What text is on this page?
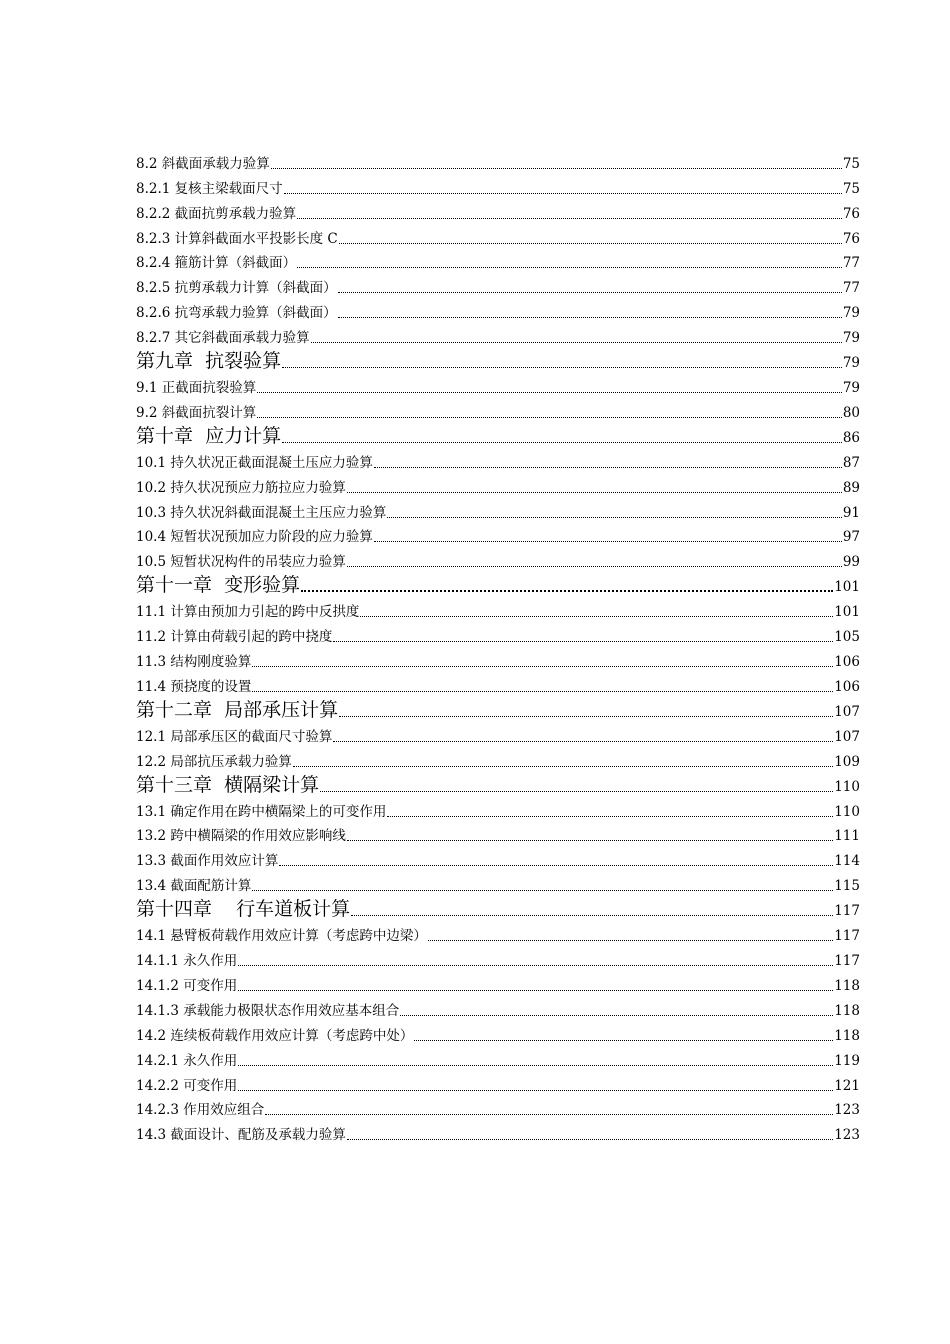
8.2 斜截面承载力验算	75
8.2.1 复核主梁载面尺寸	75
8.2.2 截面抗剪承载力验算	76
8.2.3 计算斜截面水平投影长度 C	76
8.2.4 箍筋计算（斜截面）	77
8.2.5 抗剪承载力计算（斜截面）	77
8.2.6 抗弯承载力验算（斜截面）	79
8.2.7 其它斜截面承载力验算	79
第九章  抗裂验算	79
9.1 正截面抗裂验算	79
9.2 斜截面抗裂计算	80
第十章  应力计算	86
10.1 持久状况正截面混凝土压应力验算	87
10.2 持久状况预应力筋拉应力验算	89
10.3 持久状况斜截面混凝土主压应力验算	91
10.4 短暂状况预加应力阶段的应力验算	97
10.5 短暂状况构件的吊装应力验算	99
第十一章  变形验算	101
11.1 计算由预加力引起的跨中反拱度	101
11.2 计算由荷载引起的跨中挠度	105
11.3 结构刚度验算	106
11.4 预挠度的设置	106
第十二章  局部承压计算	107
12.1 局部承压区的截面尺寸验算	107
12.2 局部抗压承载力验算	109
第十三章  横隔梁计算	110
13.1 确定作用在跨中横隔梁上的可变作用	110
13.2 跨中横隔梁的作用效应影响线	111
13.3 截面作用效应计算	114
13.4 截面配筋计算	115
第十四章    行车道板计算	117
14.1 悬臂板荷载作用效应计算（考虑跨中边梁）	117
14.1.1 永久作用	117
14.1.2 可变作用	118
14.1.3 承载能力极限状态作用效应基本组合	118
14.2 连续板荷载作用效应计算（考虑跨中处）	118
14.2.1 永久作用	119
14.2.2 可变作用	121
14.2.3 作用效应组合	123
14.3 截面设计、配筋及承载力验算	123
